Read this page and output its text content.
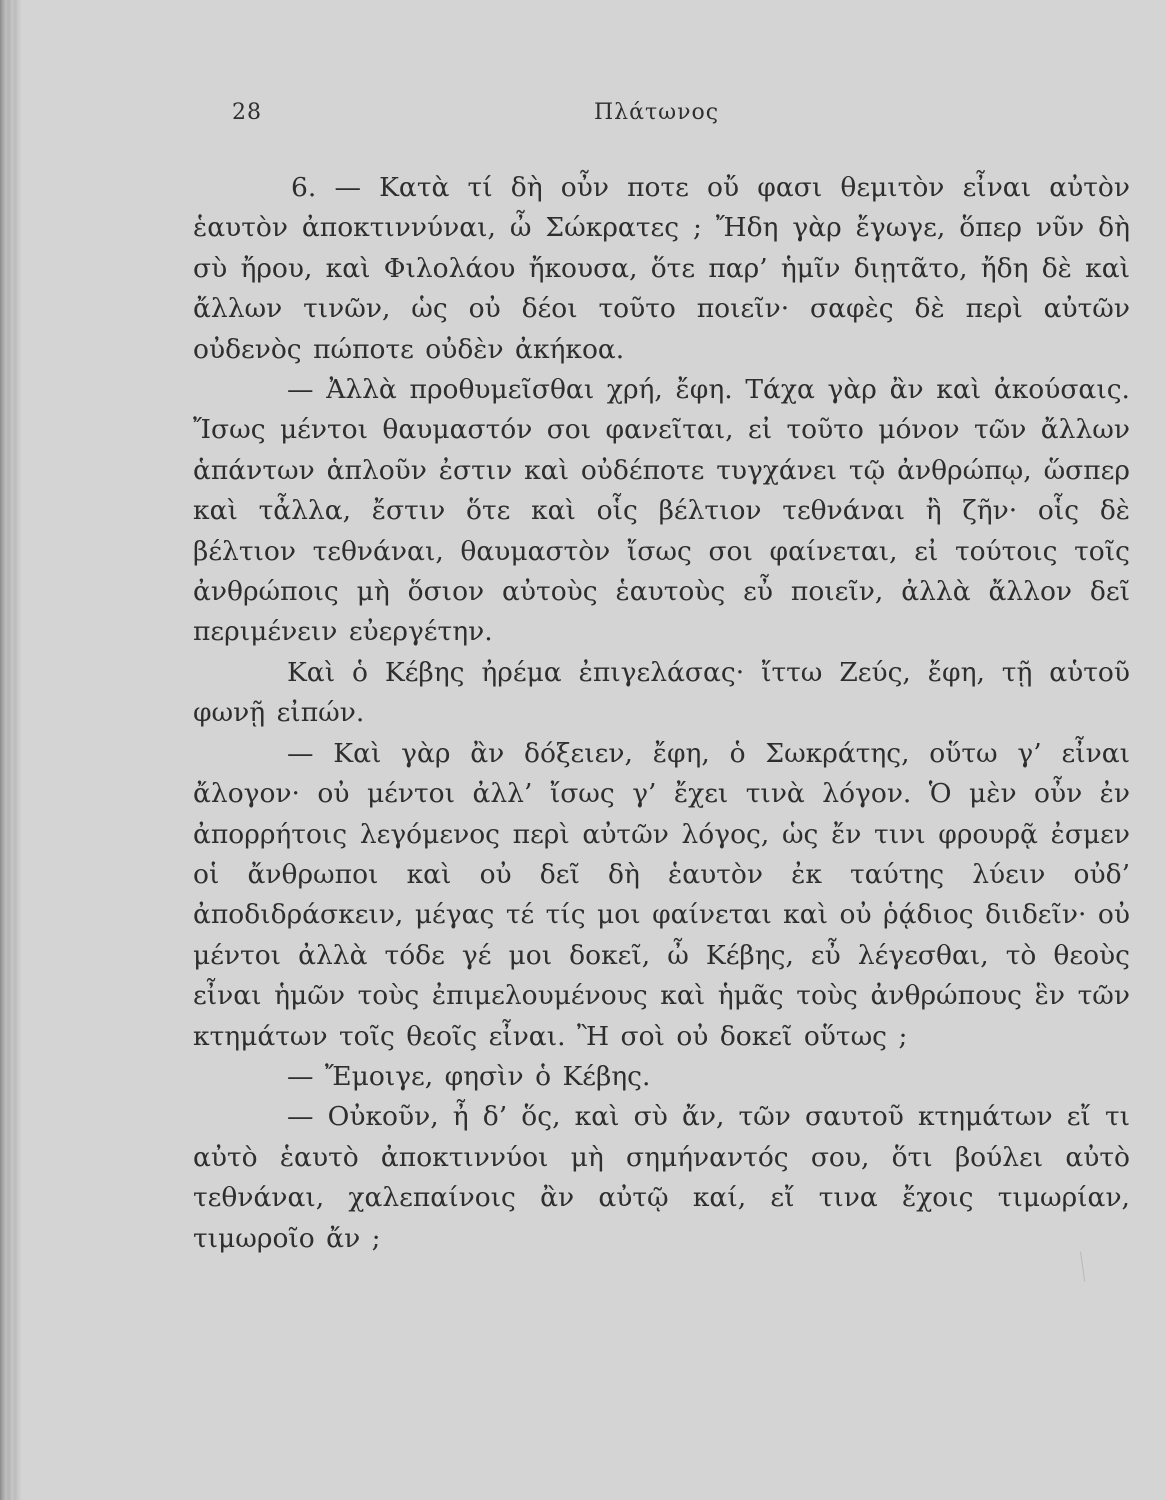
28	Πλάτωνος

6. — Κατὰ τί δὴ οὖν ποτε οὔ φασι θεμιτὸν εἶναι αὐτὸν ἑαυτὸν ἀποκτιννύναι, ὦ Σώκρατες ; Ἤδη γὰρ ἔγωγε, ὅπερ νῦν δὴ σὺ ἤρου, καὶ Φιλολάου ἤκουσα, ὅτε παρ’ ἡμῖν διῃτᾶτο, ἤδη δὲ καὶ ἄλλων τινῶν, ὡς οὐ δέοι τοῦτο ποιεῖν· σαφὲς δὲ περὶ αὐτῶν οὐδενὸς πώποτε οὐδὲν ἀκήκοα.

— Ἀλλὰ προθυμεῖσθαι χρή, ἔφη. Τάχα γὰρ ἂν καὶ ἀκούσαις. Ἴσως μέντοι θαυμαστόν σοι φανεῖται, εἰ τοῦτο μόνον τῶν ἄλλων ἁπάντων ἁπλοῦν ἐστιν καὶ οὐδέποτε τυγχάνει τῷ ἀνθρώπῳ, ὥσπερ καὶ τἆλλα, ἔστιν ὅτε καὶ οἷς βέλτιον τεθνάναι ἢ ζῆν· οἷς δὲ βέλτιον τεθνάναι, θαυμαστὸν ἴσως σοι φαίνεται, εἰ τούτοις τοῖς ἀνθρώποις μὴ ὅσιον αὐτοὺς ἑαυτοὺς εὖ ποιεῖν, ἀλλὰ ἄλλον δεῖ περιμένειν εὐεργέτην.

Καὶ ὁ Κέβης ἠρέμα ἐπιγελάσας· ἴττω Ζεύς, ἔφη, τῇ αὑτοῦ φωνῇ εἰπών.

— Καὶ γὰρ ἂν δόξειεν, ἔφη, ὁ Σωκράτης, οὕτω γ’ εἶναι ἄλογον· οὐ μέντοι ἀλλ’ ἴσως γ’ ἔχει τινὰ λόγον. Ὁ μὲν οὖν ἐν ἀπορρήτοις λεγόμενος περὶ αὐτῶν λόγος, ὡς ἔν τινι φρουρᾷ ἐσμεν οἱ ἄνθρωποι καὶ οὐ δεῖ δὴ ἑαυτὸν ἐκ ταύτης λύειν οὐδ’ ἀποδιδράσκειν, μέγας τέ τίς μοι φαίνεται καὶ οὐ ῥᾴδιος διιδεῖν· οὐ μέντοι ἀλλὰ τόδε γέ μοι δοκεῖ, ὦ Κέβης, εὖ λέγεσθαι, τὸ θεοὺς εἶναι ἡμῶν τοὺς ἐπιμελουμένους καὶ ἡμᾶς τοὺς ἀνθρώπους ἓν τῶν κτημάτων τοῖς θεοῖς εἶναι. Ἢ σοὶ οὐ δοκεῖ οὕτως ;

— Ἔμοιγε, φησὶν ὁ Κέβης.

— Οὐκοῦν, ἦ δ’ ὅς, καὶ σὺ ἄν, τῶν σαυτοῦ κτημάτων εἴ τι αὐτὸ ἑαυτὸ ἀποκτιννύοι μὴ σημήναντός σου, ὅτι βούλει αὐτὸ τεθνάναι, χαλεπαίνοις ἂν αὐτῷ καί, εἴ τινα ἔχοις τιμωρίαν, τιμωροῖο ἄν ;
